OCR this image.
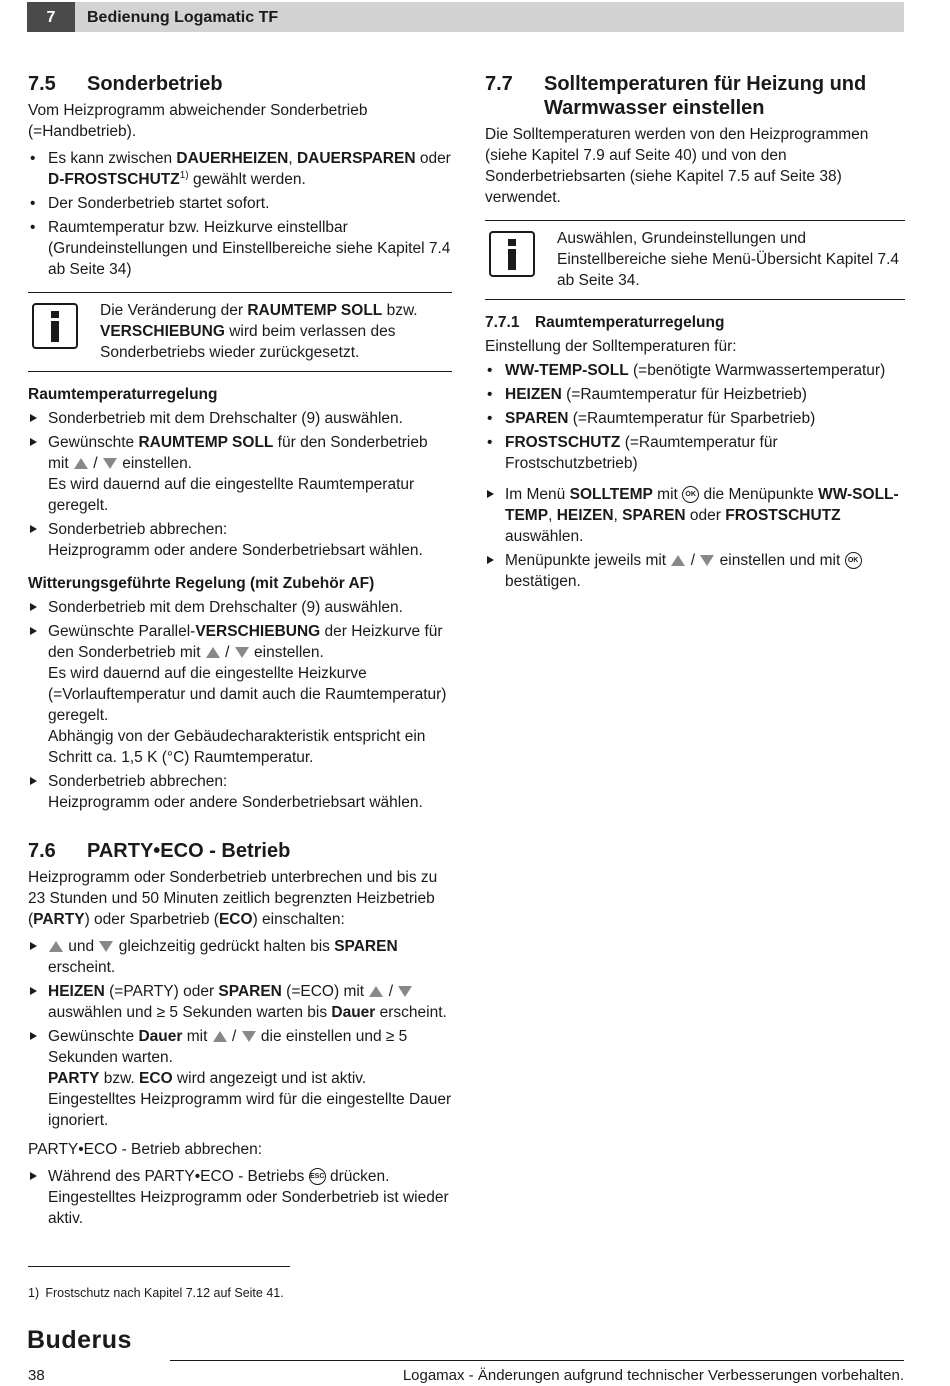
7	Bedienung Logamatic TF
7.5	Sonderbetrieb

Vom Heizprogramm abweichender Sonderbetrieb (=Handbetrieb).

• Es kann zwischen DAUERHEIZEN, DAUERSPAREN oder D-FROSTSCHUTZ$^{1)}$ gewählt werden.
• Der Sonderbetrieb startet sofort.
• Raumtemperatur bzw. Heizkurve einstellbar (Grundeinstellungen und Einstellbereiche siehe Kapitel 7.4 ab Seite 34)
Die Veränderung der RAUMTEMP SOLL bzw. VERSCHIEBUNG wird beim verlassen des Sonderbetriebs wieder zurückgesetzt.
Raumtemperaturregelung
Sonderbetrieb mit dem Drehschalter (9) auswählen.
Gewünschte RAUMTEMP SOLL für den Sonderbetrieb mit  /  einstellen.
Es wird dauernd auf die eingestellte Raumtemperatur geregelt.
Sonderbetrieb abbrechen:
Heizprogramm oder andere Sonderbetriebsart wählen.
Witterungsgeführte Regelung (mit Zubehör AF)
Sonderbetrieb mit dem Drehschalter (9) auswählen.
Gewünschte Parallel-VERSCHIEBUNG der Heizkurve für den Sonderbetrieb mit  /  einstellen.
Es wird dauernd auf die eingestellte Heizkurve (=Vorlauftemperatur und damit auch die Raumtemperatur) geregelt.
Abhängig von der Gebäudecharakteristik entspricht ein Schritt ca. 1,5 K (°C) Raumtemperatur.
Sonderbetrieb abbrechen:
Heizprogramm oder andere Sonderbetriebsart wählen.
7.6	PARTY•ECO - Betrieb

Heizprogramm oder Sonderbetrieb unterbrechen und bis zu 23 Stunden und 50 Minuten zeitlich begrenzten Heizbetrieb (PARTY) oder Sparbetrieb (ECO) einschalten:

und  gleichzeitig gedrückt halten bis SPAREN erscheint.
HEIZEN (=PARTY) oder SPAREN (=ECO) mit  /  auswählen und ≥ 5 Sekunden warten bis Dauer erscheint.
Gewünschte Dauer mit  /  die einstellen und ≥ 5 Sekunden warten.
PARTY bzw. ECO wird angezeigt und ist aktiv. Eingestelltes Heizprogramm wird für die eingestellte Dauer ignoriert.

PARTY•ECO - Betrieb abbrechen:

Während des PARTY•ECO - Betriebs ESC drücken.
Eingestelltes Heizprogramm oder Sonderbetrieb ist wieder aktiv.
7.7	Solltemperaturen für Heizung und
Warmwasser einstellen

Die Solltemperaturen werden von den Heizprogrammen (siehe Kapitel 7.9 auf Seite 40) und von den Sonderbetriebsarten (siehe Kapitel 7.5 auf Seite 38) verwendet.

Auswählen, Grundeinstellungen und Einstellbereiche siehe Menü-Übersicht Kapitel 7.4 ab Seite 34.
7.7.1 Raumtemperaturregelung

Einstellung der Solltemperaturen für:

• WW-TEMP-SOLL (=benötigte Warmwassertemperatur)
• HEIZEN (=Raumtemperatur für Heizbetrieb)
• SPAREN (=Raumtemperatur für Sparbetrieb)
• FROSTSCHUTZ (=Raumtemperatur für Frostschutzbetrieb)
Im Menü SOLLTEMP mit OK die Menüpunkte WW-SOLL-TEMP, HEIZEN, SPAREN oder FROSTSCHUTZ auswählen.
Menüpunkte jeweils mit  /  einstellen und mit OK bestätigen.
1) Frostschutz nach Kapitel 7.12 auf Seite 41.
Buderus
38	Logamax - Änderungen aufgrund technischer Verbesserungen vorbehalten.
